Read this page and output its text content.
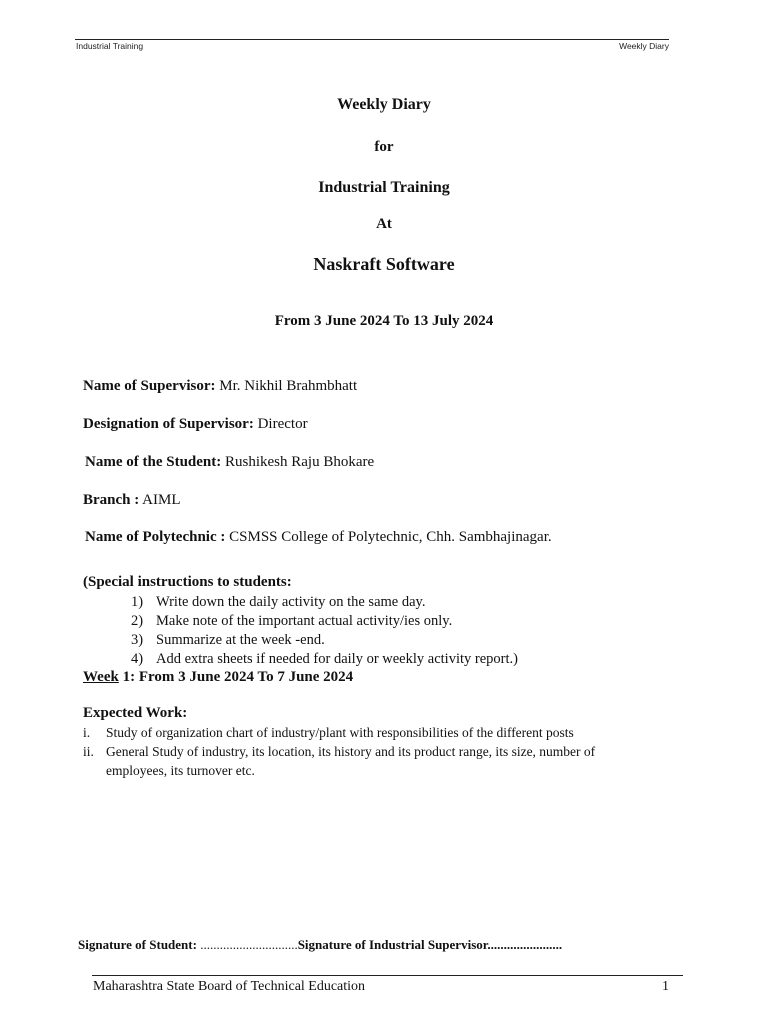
Industrial Training	Weekly Diary
Weekly Diary
for
Industrial Training
At
Naskraft Software
From 3 June 2024 To 13 July 2024
Name of Supervisor: Mr. Nikhil Brahmbhatt
Designation of Supervisor: Director
Name of the Student: Rushikesh Raju Bhokare
Branch : AIML
Name of Polytechnic : CSMSS College of Polytechnic, Chh. Sambhajinagar.
(Special instructions to students:
1) Write down the daily activity on the same day.
2) Make note of the important actual activity/ies only.
3) Summarize at the week -end.
4) Add extra sheets if needed for daily or weekly activity report.)
Week 1: From 3 June 2024 To 7 June 2024
Expected Work:
i. Study of organization chart of industry/plant with responsibilities of the different posts
ii. General Study of industry, its location, its history and its product range, its size, number of
employees, its turnover etc.
Signature of Student: ..............................Signature of Industrial Supervisor.......................
Maharashtra State Board of Technical Education	1
